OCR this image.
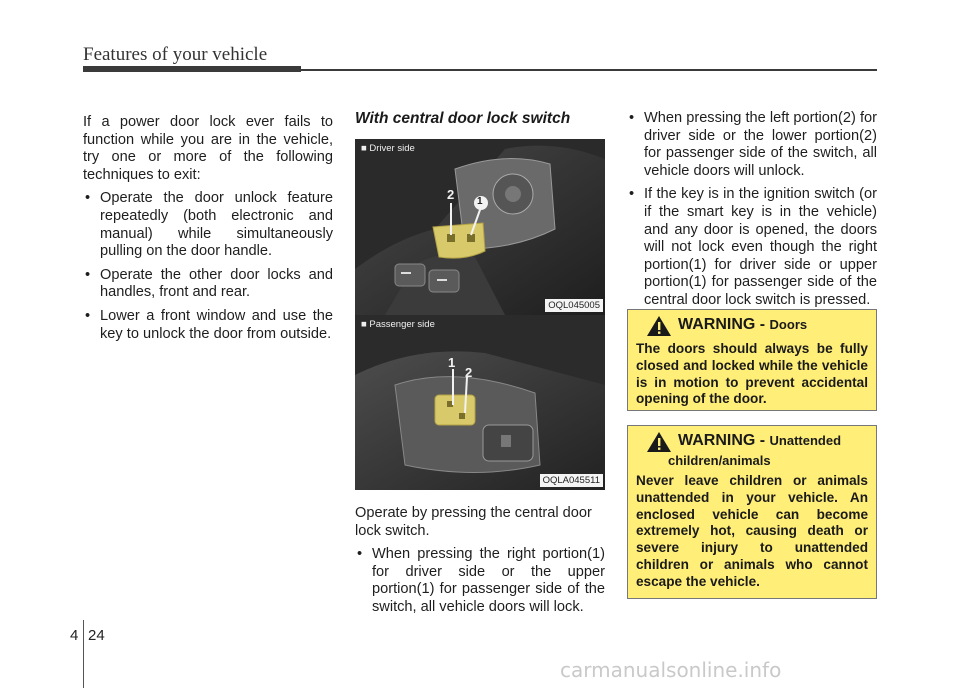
Features of your vehicle

If a power door lock ever fails to function while you are in the vehicle, try one or more of the following techniques to exit:

• Operate the door unlock feature repeatedly (both electronic and manual) while simultaneously pulling on the door handle.
• Operate the other door locks and handles, front and rear.
• Lower a front window and use the key to unlock the door from outside.
With central door lock switch
2 1
■ Driver side
OQL045005
1
2
■ Passenger side
OQLA045511

Operate by pressing the central door lock switch.

• When pressing the right portion(1) for driver side or the upper portion(1) for passenger side of the switch, all vehicle doors will lock.
• When pressing the left portion(2) for driver side or the lower portion(2) for passenger side of the switch, all vehicle doors will unlock.
• If the key is in the ignition switch (or if the smart key is in the vehicle) and any door is opened, the doors will not lock even though the right portion(1) for driver side or upper portion(1) for passenger side of the central door lock switch is pressed.
WARNING - Doors
The doors should always be fully closed and locked while the vehicle is in motion to prevent accidental opening of the door.
WARNING - Unattended
children/animals
Never leave children or animals unattended in your vehicle. An enclosed vehicle can become extremely hot, causing death or severe injury to unattended children or animals who cannot escape the vehicle.
4 24
carmanualsonline.info
